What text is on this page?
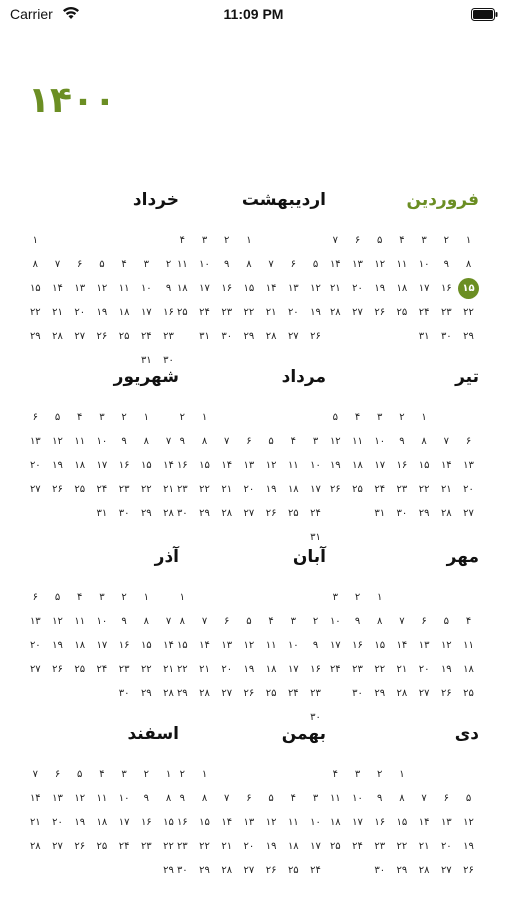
Carrier	11:09 PM
۱۴۰۰
فروردین
۱
۲
۳
۴
۵
۶
۷
۸
۹
۱۰
۱۱
۱۲
۱۳
۱۴
۱۵
۱۶
۱۷
۱۸
۱۹
۲۰
۲۱
۲۲
۲۳
۲۴
۲۵
۲۶
۲۷
۲۸
۲۹
۳۰
۳۱
اردیبهشت
۱
۲
۳
۴
۵
۶
۷
۸
۹
۱۰
۱۱
۱۲
۱۳
۱۴
۱۵
۱۶
۱۷
۱۸
۱۹
۲۰
۲۱
۲۲
۲۳
۲۴
۲۵
۲۶
۲۷
۲۸
۲۹
۳۰
۳۱
خرداد
۱
۲
۳
۴
۵
۶
۷
۸
۹
۱۰
۱۱
۱۲
۱۳
۱۴
۱۵
۱۶
۱۷
۱۸
۱۹
۲۰
۲۱
۲۲
۲۳
۲۴
۲۵
۲۶
۲۷
۲۸
۲۹
۳۰
۳۱
تیر
۱
۲
۳
۴
۵
۶
۷
۸
۹
۱۰
۱۱
۱۲
۱۳
۱۴
۱۵
۱۶
۱۷
۱۸
۱۹
۲۰
۲۱
۲۲
۲۳
۲۴
۲۵
۲۶
۲۷
۲۸
۲۹
۳۰
۳۱
مرداد
۱
۲
۳
۴
۵
۶
۷
۸
۹
۱۰
۱۱
۱۲
۱۳
۱۴
۱۵
۱۶
۱۷
۱۸
۱۹
۲۰
۲۱
۲۲
۲۳
۲۴
۲۵
۲۶
۲۷
۲۸
۲۹
۳۰
۳۱
شهریور
۱
۲
۳
۴
۵
۶
۷
۸
۹
۱۰
۱۱
۱۲
۱۳
۱۴
۱۵
۱۶
۱۷
۱۸
۱۹
۲۰
۲۱
۲۲
۲۳
۲۴
۲۵
۲۶
۲۷
۲۸
۲۹
۳۰
۳۱
مهر
۱
۲
۳
۴
۵
۶
۷
۸
۹
۱۰
۱۱
۱۲
۱۳
۱۴
۱۵
۱۶
۱۷
۱۸
۱۹
۲۰
۲۱
۲۲
۲۳
۲۴
۲۵
۲۶
۲۷
۲۸
۲۹
۳۰
آبان
۱
۲
۳
۴
۵
۶
۷
۸
۹
۱۰
۱۱
۱۲
۱۳
۱۴
۱۵
۱۶
۱۷
۱۸
۱۹
۲۰
۲۱
۲۲
۲۳
۲۴
۲۵
۲۶
۲۷
۲۸
۲۹
۳۰
آذر
۱
۲
۳
۴
۵
۶
۷
۸
۹
۱۰
۱۱
۱۲
۱۳
۱۴
۱۵
۱۶
۱۷
۱۸
۱۹
۲۰
۲۱
۲۲
۲۳
۲۴
۲۵
۲۶
۲۷
۲۸
۲۹
۳۰
دی
۱
۲
۳
۴
۵
۶
۷
۸
۹
۱۰
۱۱
۱۲
۱۳
۱۴
۱۵
۱۶
۱۷
۱۸
۱۹
۲۰
۲۱
۲۲
۲۳
۲۴
۲۵
۲۶
۲۷
۲۸
۲۹
۳۰
بهمن
۱
۲
۳
۴
۵
۶
۷
۸
۹
۱۰
۱۱
۱۲
۱۳
۱۴
۱۵
۱۶
۱۷
۱۸
۱۹
۲۰
۲۱
۲۲
۲۳
۲۴
۲۵
۲۶
۲۷
۲۸
۲۹
۳۰
اسفند
۱
۲
۳
۴
۵
۶
۷
۸
۹
۱۰
۱۱
۱۲
۱۳
۱۴
۱۵
۱۶
۱۷
۱۸
۱۹
۲۰
۲۱
۲۲
۲۳
۲۴
۲۵
۲۶
۲۷
۲۸
۲۹
